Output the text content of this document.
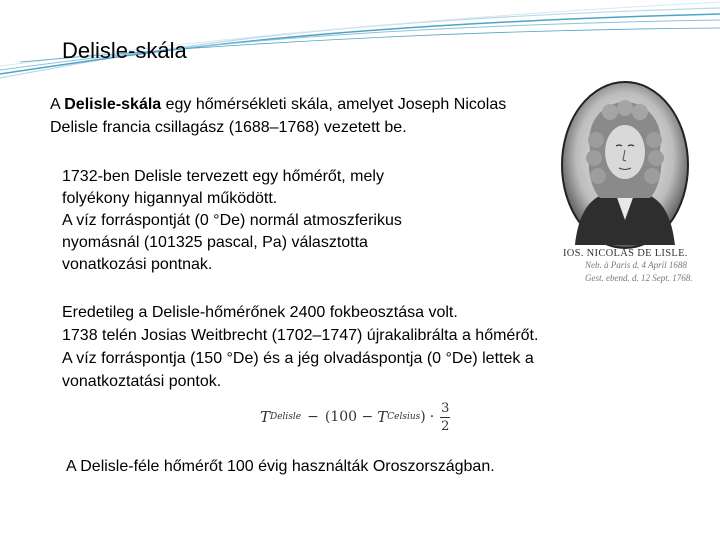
Delisle-skála
A Delisle-skála egy hőmérsékleti skála, amelyet Joseph Nicolas Delisle francia csillagász (1688–1768) vezetett be.
1732-ben Delisle tervezett egy hőmérőt, mely
folyékony higannyal működött.
A víz forráspontját (0 °De) normál atmoszferikus
nyomásnál (101325 pascal, Pa) választotta
vonatkozási pontnak.
Eredetileg a Delisle-hőmérőnek 2400 fokbeosztása volt.
1738 telén Josias Weitbrecht (1702–1747) újrakalibrálta a hőmérőt.
A víz forráspontja (150 °De) és a jég olvadáspontja (0 °De) lettek a
vonatkoztatási pontok.
T Delisle − (100 − T Celsius ) · $\frac{3}{2}$
A Delisle-féle hőmérőt 100 évig használták Oroszországban.
IOS. NICOLAS DE LISLE.
Neb. à Paris d. 4 April 1688
Gest. ebend. d. 12 Sept. 1768.
